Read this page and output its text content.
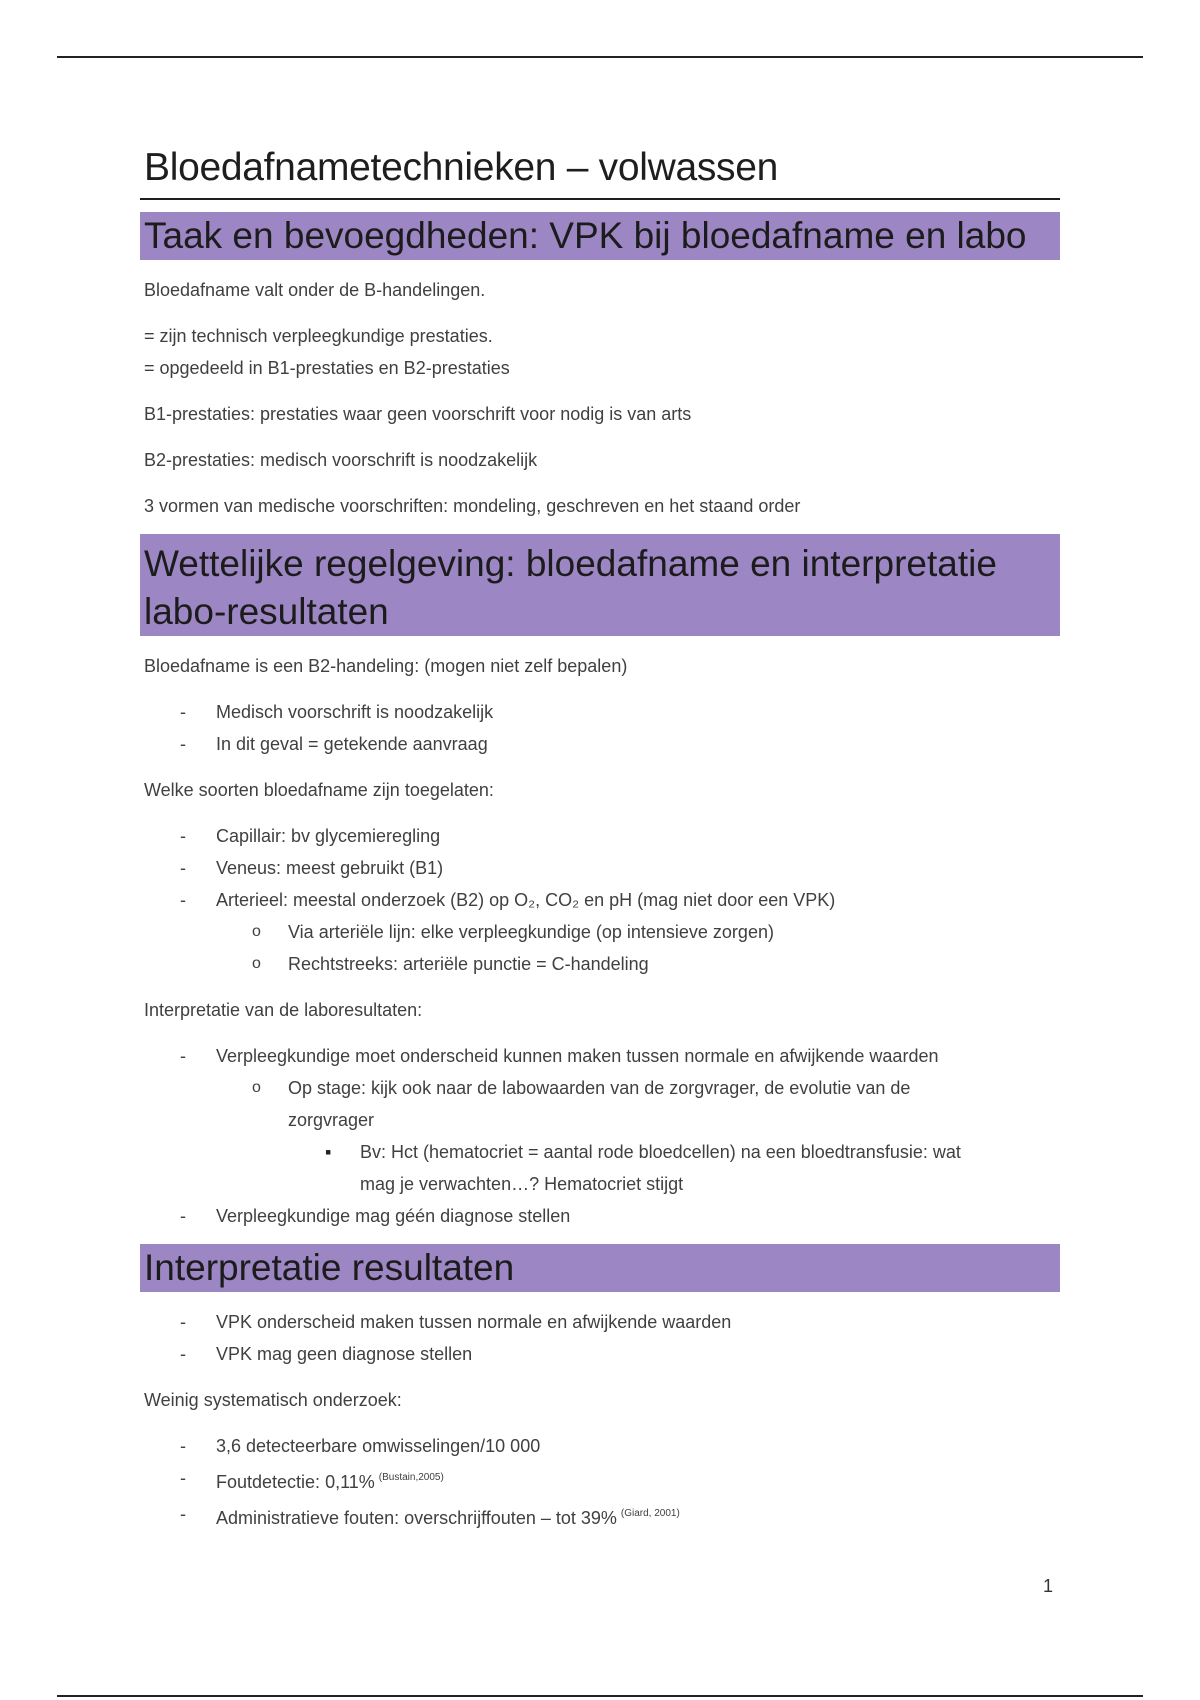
Bloedafnametechnieken – volwassen
Taak en bevoegdheden: VPK bij bloedafname en labo

Bloedafname valt onder de B-handelingen.

= zijn technisch verpleegkundige prestaties.

= opgedeeld in B1-prestaties en B2-prestaties

B1-prestaties: prestaties waar geen voorschrift voor nodig is van arts

B2-prestaties: medisch voorschrift is noodzakelijk

3 vormen van medische voorschriften: mondeling, geschreven en het staand order

Wettelijke regelgeving: bloedafname en interpretatie
labo-resultaten

Bloedafname is een B2-handeling: (mogen niet zelf bepalen)

- Medisch voorschrift is noodzakelijk
- In dit geval = getekende aanvraag

Welke soorten bloedafname zijn toegelaten:

- Capillair: bv glycemieregling
- Veneus: meest gebruikt (B1)
- Arterieel: meestal onderzoek (B2) op O₂, CO₂ en pH (mag niet door een VPK)
o Via arteriële lijn: elke verpleegkundige (op intensieve zorgen)
o Rechtstreeks: arteriële punctie = C-handeling

Interpretatie van de laboresultaten:

- Verpleegkundige moet onderscheid kunnen maken tussen normale en afwijkende waarden
o Op stage: kijk ook naar de labowaarden van de zorgvrager, de evolutie van de
zorgvrager
▪ Bv: Hct (hematocriet = aantal rode bloedcellen) na een bloedtransfusie: wat
mag je verwachten…? Hematocriet stijgt
- Verpleegkundige mag géén diagnose stellen
Interpretatie resultaten
- VPK onderscheid maken tussen normale en afwijkende waarden
- VPK mag geen diagnose stellen

Weinig systematisch onderzoek:

- 3,6 detecteerbare omwisselingen/10 000
- Foutdetectie: 0,11% $^{(Bustain,2005)}$
- Administratieve fouten: overschrijffouten – tot 39% $^{(Giard, 2001)}$
1
